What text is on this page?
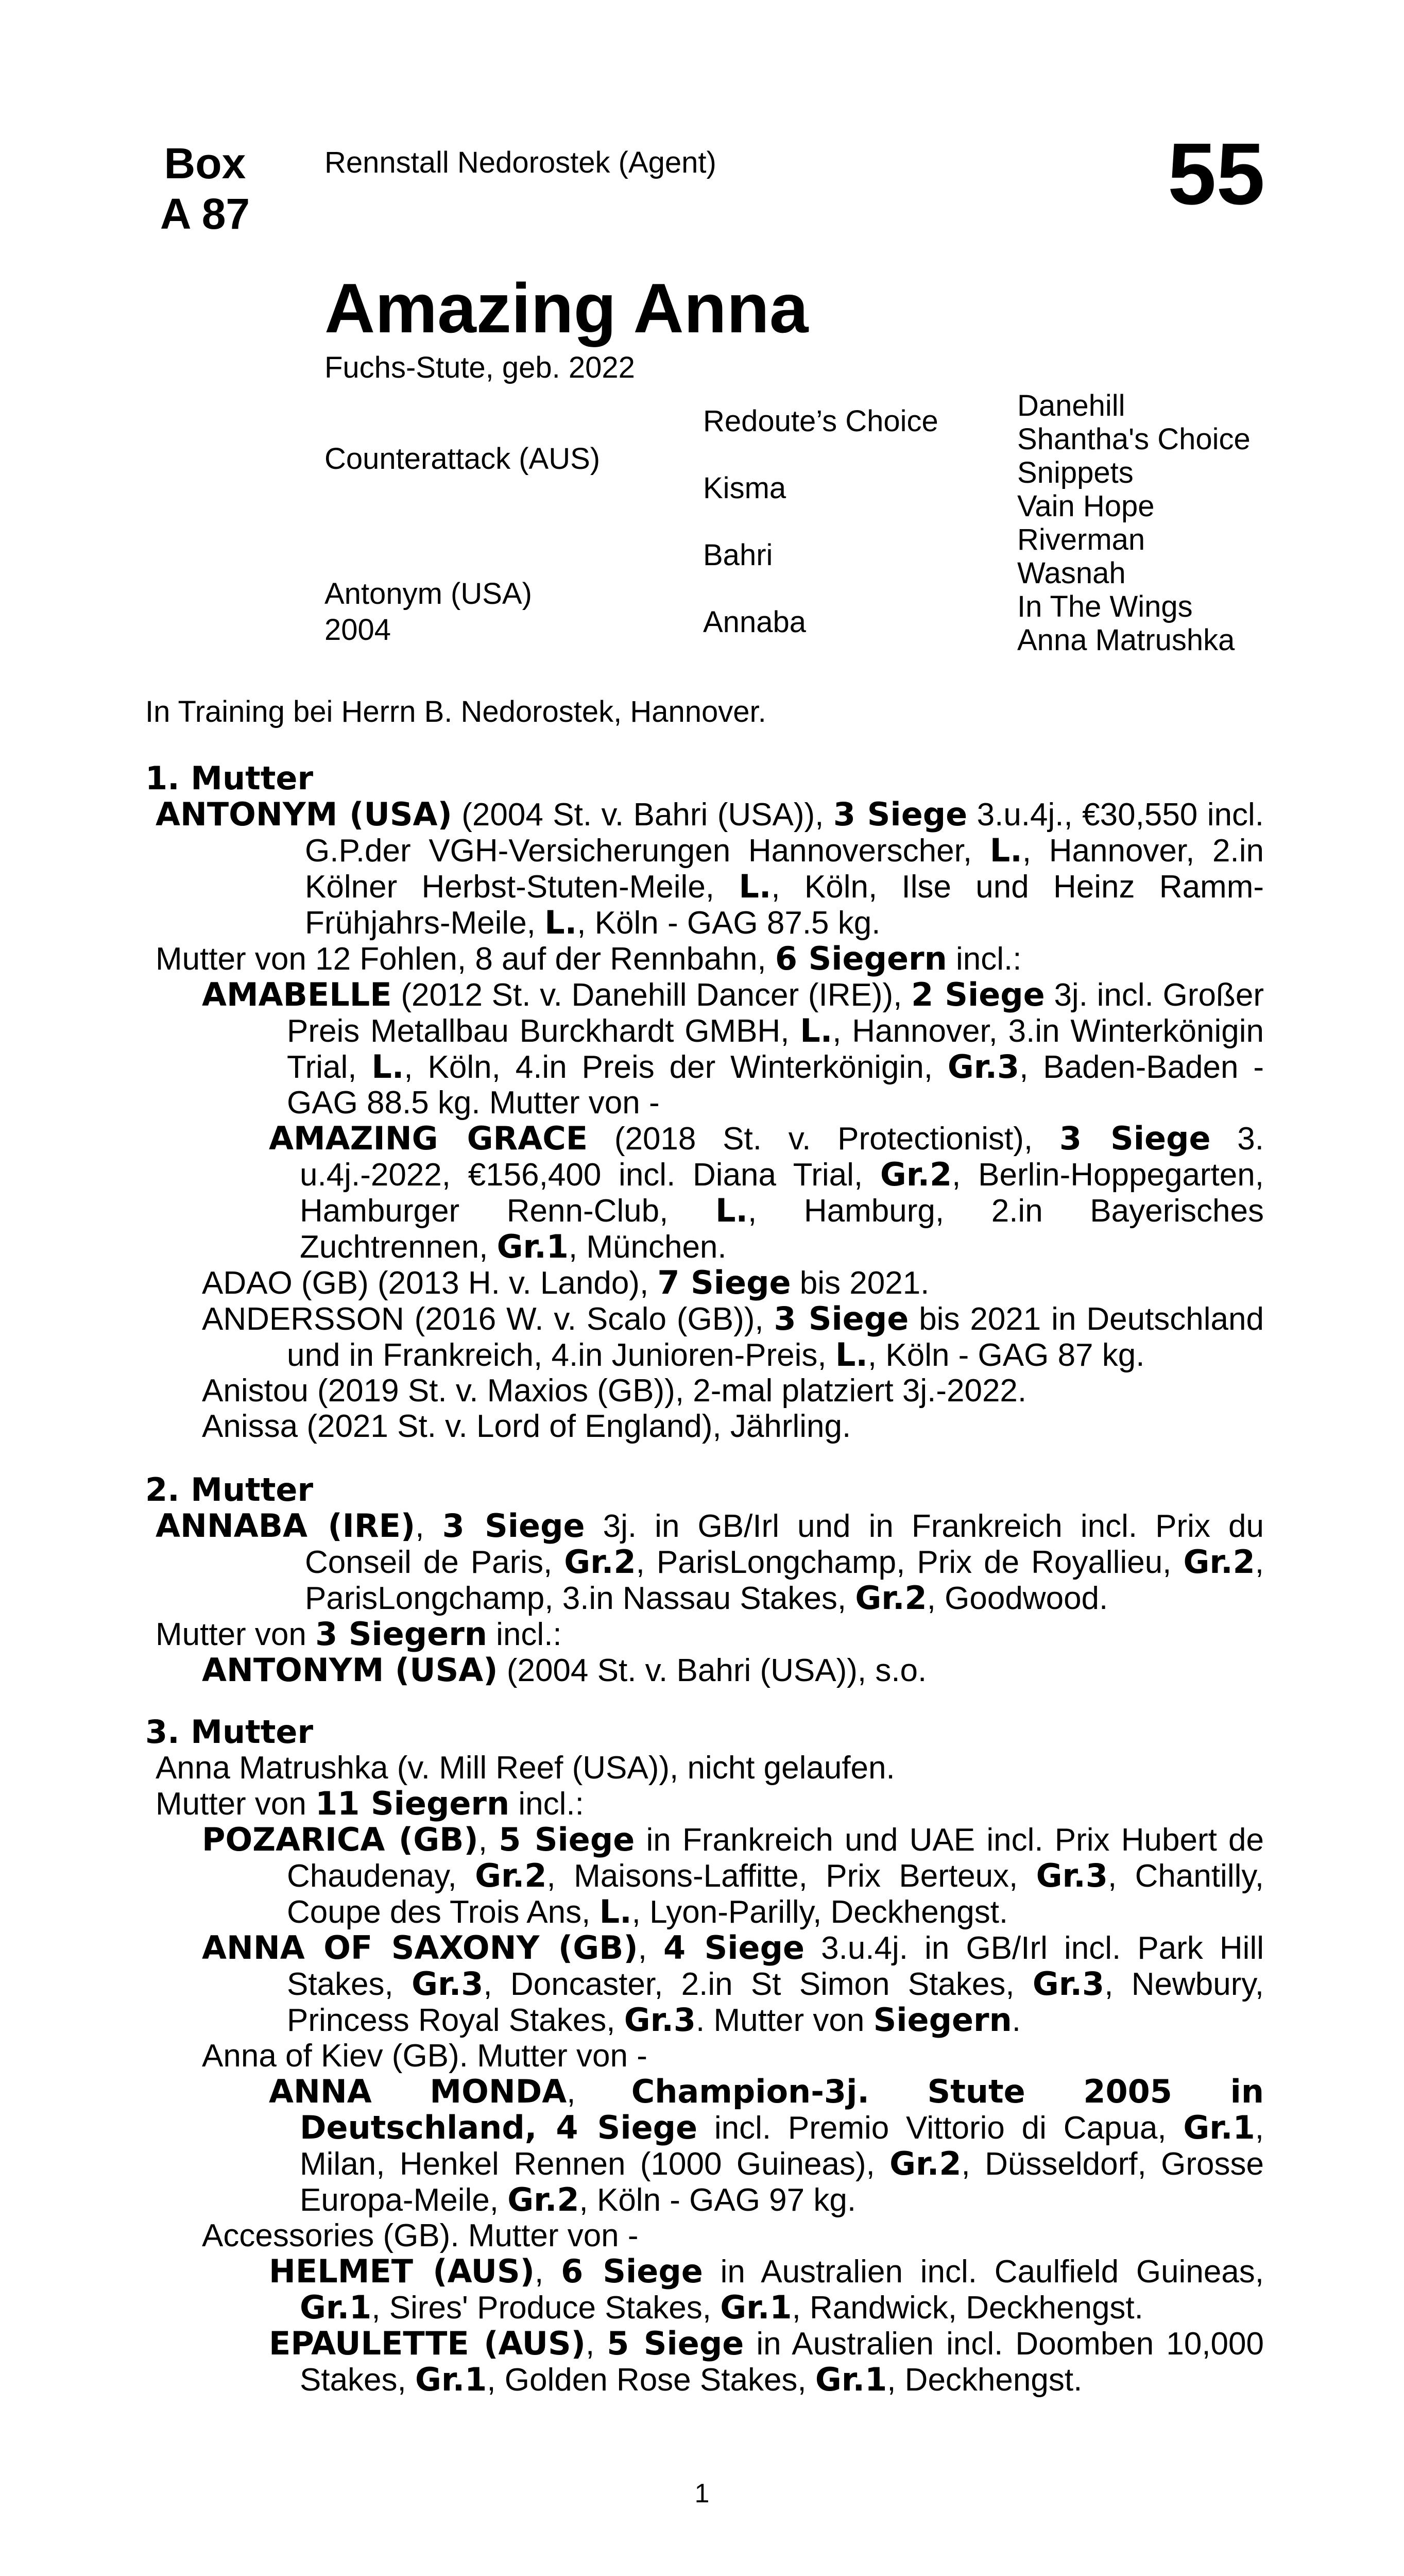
Box
A 87
Rennstall Nedorostek (Agent)	55
Amazing Anna
Fuchs-Stute, geb. 2022
Counterattack (AUS)
Antonym (USA)
2004
Redoute’s Choice
Kisma
Bahri
Annaba
Danehill
Shantha's Choice
Snippets
Vain Hope
Riverman
Wasnah
In The Wings
Anna Matrushka
In Training bei Herrn B. Nedorostek, Hannover.
1. Mutter
ANTONYM (USA) (2004 St. v. Bahri (USA)), 3 Siege 3.u.4j., €30,550 incl. G.P.der VGH-Versicherungen Hannoverscher, L., Hannover, 2.in Kölner Herbst-Stuten-Meile, L., Köln, Ilse und Heinz Ramm-Frühjahrs-Meile, L., Köln - GAG 87.5 kg.
Mutter von 12 Fohlen, 8 auf der Rennbahn, 6 Siegern incl.:
AMABELLE (2012 St. v. Danehill Dancer (IRE)), 2 Siege 3j. incl. Großer Preis Metallbau Burckhardt GMBH, L., Hannover, 3.in Winterkönigin Trial, L., Köln, 4.in Preis der Winterkönigin, Gr.3, Baden-Baden - GAG 88.5 kg. Mutter von -
AMAZING GRACE (2018 St. v. Protectionist), 3 Siege 3. u.4j.-2022, €156,400 incl. Diana Trial, Gr.2, Berlin-Hoppegarten, Hamburger Renn-Club, L., Hamburg, 2.in Bayerisches Zuchtrennen, Gr.1, München.
ADAO (GB) (2013 H. v. Lando), 7 Siege bis 2021.
ANDERSSON (2016 W. v. Scalo (GB)), 3 Siege bis 2021 in Deutschland und in Frankreich, 4.in Junioren-Preis, L., Köln - GAG 87 kg.
Anistou (2019 St. v. Maxios (GB)), 2-mal platziert 3j.-2022.
Anissa (2021 St. v. Lord of England), Jährling.
2. Mutter
ANNABA (IRE), 3 Siege 3j. in GB/Irl und in Frankreich incl. Prix du Conseil de Paris, Gr.2, ParisLongchamp, Prix de Royallieu, Gr.2, ParisLongchamp, 3.in Nassau Stakes, Gr.2, Goodwood.
Mutter von 3 Siegern incl.:
ANTONYM (USA) (2004 St. v. Bahri (USA)), s.o.
3. Mutter
Anna Matrushka (v. Mill Reef (USA)), nicht gelaufen.
Mutter von 11 Siegern incl.:
POZARICA (GB), 5 Siege in Frankreich und UAE incl. Prix Hubert de Chaudenay, Gr.2, Maisons-Laffitte, Prix Berteux, Gr.3, Chantilly, Coupe des Trois Ans, L., Lyon-Parilly, Deckhengst.
ANNA OF SAXONY (GB), 4 Siege 3.u.4j. in GB/Irl incl. Park Hill Stakes, Gr.3, Doncaster, 2.in St Simon Stakes, Gr.3, Newbury, Princess Royal Stakes, Gr.3. Mutter von Siegern.
Anna of Kiev (GB). Mutter von -
ANNA MONDA, Champion-3j. Stute 2005 in Deutschland, 4 Siege incl. Premio Vittorio di Capua, Gr.1, Milan, Henkel Rennen (1000 Guineas), Gr.2, Düsseldorf, Grosse Europa-Meile, Gr.2, Köln - GAG 97 kg.
Accessories (GB). Mutter von -
HELMET (AUS), 6 Siege in Australien incl. Caulfield Guineas, Gr.1, Sires' Produce Stakes, Gr.1, Randwick, Deckhengst.
EPAULETTE (AUS), 5 Siege in Australien incl. Doomben 10,000 Stakes, Gr.1, Golden Rose Stakes, Gr.1, Deckhengst.
1
